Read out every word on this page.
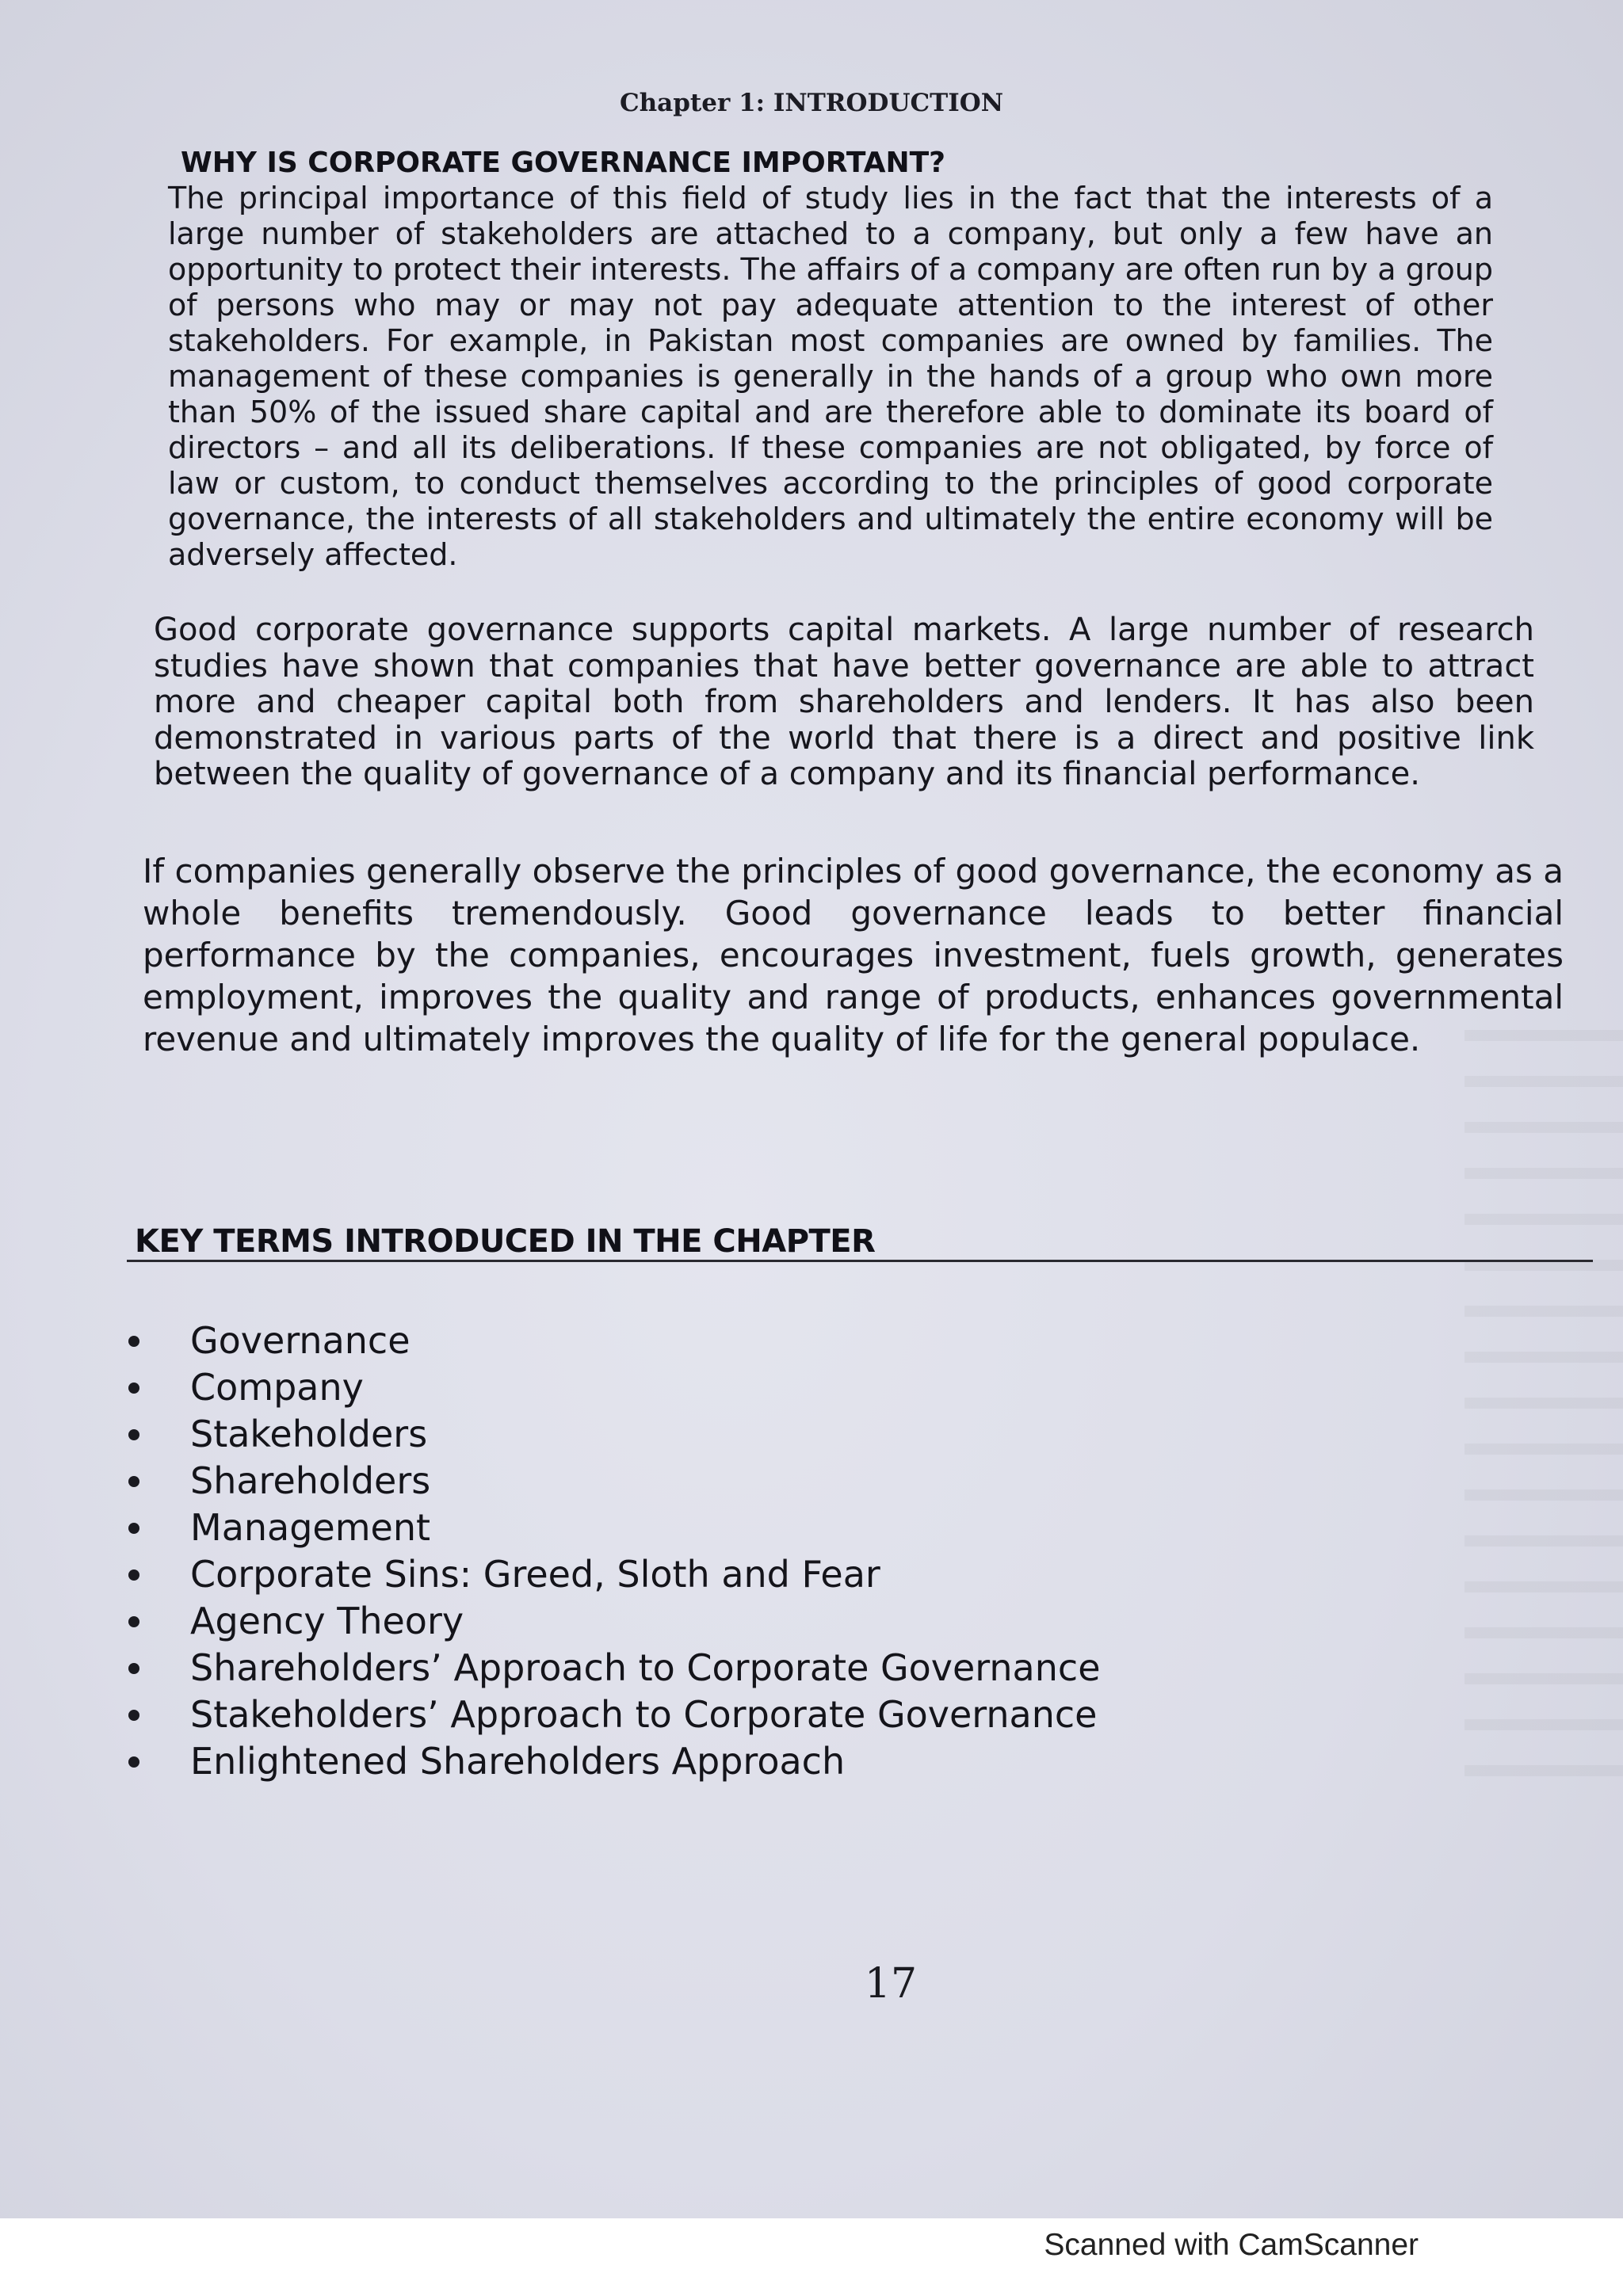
Chapter 1: INTRODUCTION
WHY IS CORPORATE GOVERNANCE IMPORTANT?

The principal importance of this field of study lies in the fact that the interests of a large number of stakeholders are attached to a company, but only a few have an opportunity to protect their interests. The affairs of a company are often run by a group of persons who may or may not pay adequate attention to the interest of other stakeholders. For example, in Pakistan most companies are owned by families. The management of these companies is generally in the hands of a group who own more than 50% of the issued share capital and are therefore able to dominate its board of directors – and all its deliberations. If these companies are not obligated, by force of law or custom, to conduct themselves according to the principles of good corporate governance, the interests of all stakeholders and ultimately the entire economy will be adversely affected.

Good corporate governance supports capital markets. A large number of research studies have shown that companies that have better governance are able to attract more and cheaper capital both from shareholders and lenders. It has also been demonstrated in various parts of the world that there is a direct and positive link between the quality of governance of a company and its financial performance.

If companies generally observe the principles of good governance, the economy as a whole benefits tremendously. Good governance leads to better financial performance by the companies, encourages investment, fuels growth, generates employment, improves the quality and range of products, enhances governmental revenue and ultimately improves the quality of life for the general populace.

KEY TERMS INTRODUCED IN THE CHAPTER
Governance
Company
Stakeholders
Shareholders
Management
Corporate Sins: Greed, Sloth and Fear
Agency Theory
Shareholders’ Approach to Corporate Governance
Stakeholders’ Approach to Corporate Governance
Enlightened Shareholders Approach
17
Scanned with CamScanner
